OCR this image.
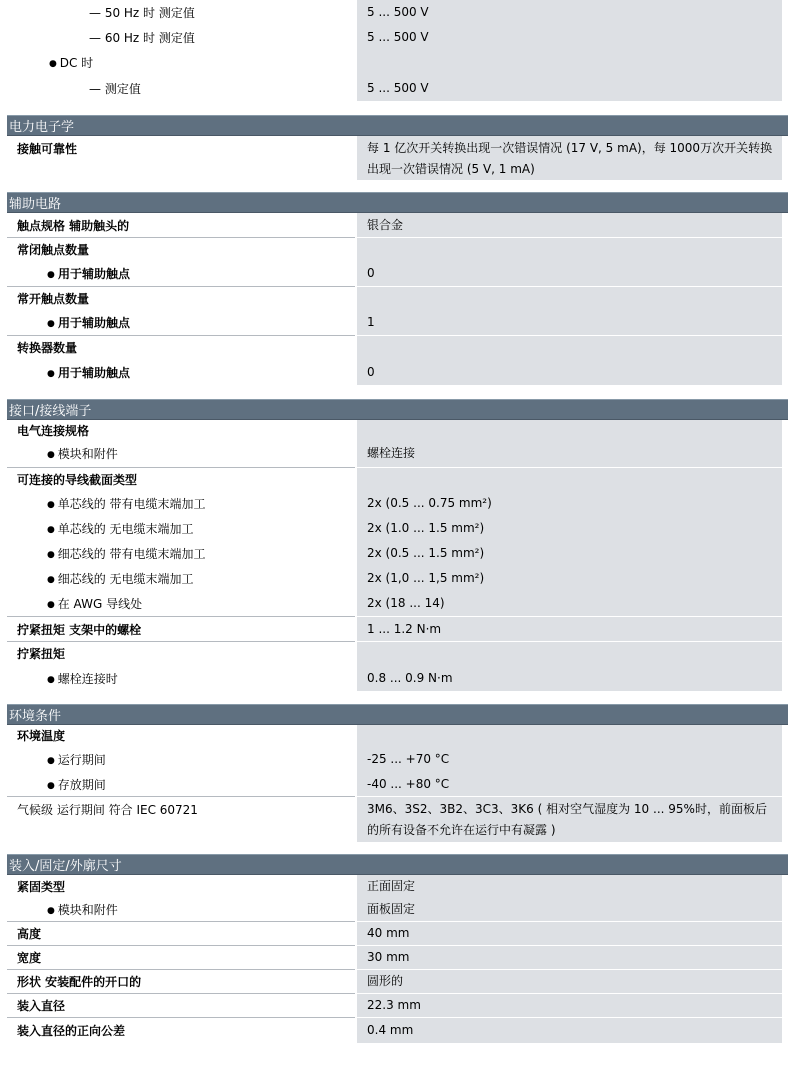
— 50 Hz 时 测定值	5 ... 500 V
— 60 Hz 时 测定值	5 ... 500 V
● DC 时
— 测定值	5 ... 500 V
电力电子学
接触可靠性	每 1 亿次开关转换出现一次错误情况 (17 V, 5 mA)，每 1000万次开关转换出现一次错误情况 (5 V, 1 mA)
辅助电路
触点规格 辅助触头的	银合金
常闭触点数量
● 用于辅助触点	0
常开触点数量
● 用于辅助触点	1
转换器数量
● 用于辅助触点	0
接口/接线端子
电气连接规格
● 模块和附件	螺栓连接
可连接的导线截面类型
● 单芯线的 带有电缆末端加工	2x (0.5 ... 0.75 mm²)
● 单芯线的 无电缆末端加工	2x (1.0 ... 1.5 mm²)
● 细芯线的 带有电缆末端加工	2x (0.5 ... 1.5 mm²)
● 细芯线的 无电缆末端加工	2x (1,0 ... 1,5 mm²)
● 在 AWG 导线处	2x (18 ... 14)
拧紧扭矩 支架中的螺栓	1 ... 1.2 N·m
拧紧扭矩
● 螺栓连接时	0.8 ... 0.9 N·m
环境条件
环境温度
● 运行期间	-25 ... +70 °C
● 存放期间	-40 ... +80 °C
气候级 运行期间 符合 IEC 60721	3M6、3S2、3B2、3C3、3K6 ( 相对空气湿度为 10 ... 95%时，前面板后的所有设备不允许在运行中有凝露 )
装入/固定/外廓尺寸
紧固类型	正面固定
● 模块和附件	面板固定
高度	40 mm
宽度	30 mm
形状 安装配件的开口的	圆形的
装入直径	22.3 mm
装入直径的正向公差	0.4 mm
